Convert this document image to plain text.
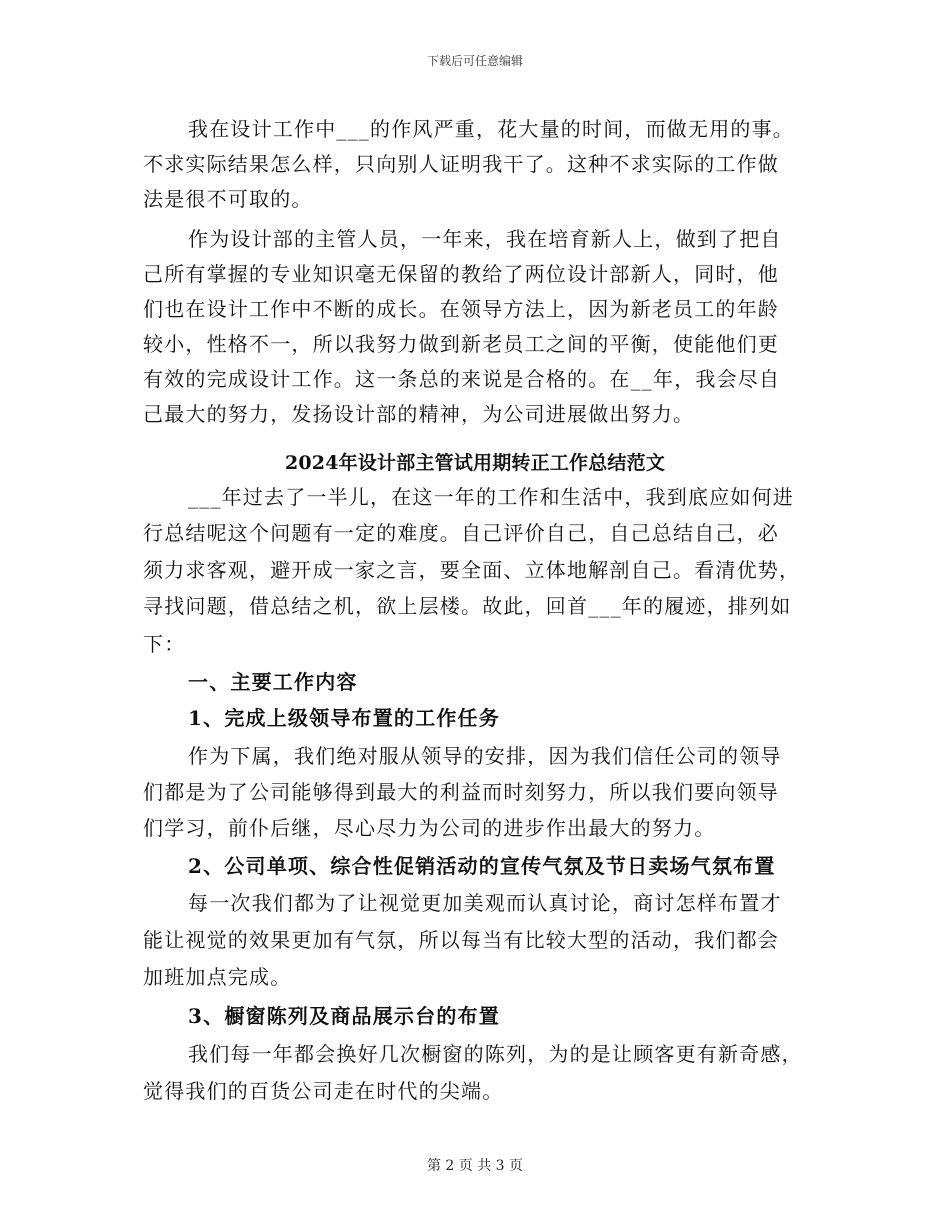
下载后可任意编辑
我在设计工作中___的作风严重，花大量的时间，而做无用的事。
不求实际结果怎么样，只向别人证明我干了。这种不求实际的工作做
法是很不可取的。
作为设计部的主管人员，一年来，我在培育新人上，做到了把自
己所有掌握的专业知识毫无保留的教给了两位设计部新人，同时，他
们也在设计工作中不断的成长。在领导方法上，因为新老员工的年龄
较小，性格不一，所以我努力做到新老员工之间的平衡，使能他们更
有效的完成设计工作。这一条总的来说是合格的。在__年，我会尽自
己最大的努力，发扬设计部的精神，为公司进展做出努力。
2024年设计部主管试用期转正工作总结范文
___年过去了一半儿，在这一年的工作和生活中，我到底应如何进
行总结呢这个问题有一定的难度。自己评价自己，自己总结自己，必
须力求客观，避开成一家之言，要全面、立体地解剖自己。看清优势，
寻找问题，借总结之机，欲上层楼。故此，回首___年的履迹，排列如
下：
一、主要工作内容
1、完成上级领导布置的工作任务
作为下属，我们绝对服从领导的安排，因为我们信任公司的领导
们都是为了公司能够得到最大的利益而时刻努力，所以我们要向领导
们学习，前仆后继，尽心尽力为公司的进步作出最大的努力。
2、公司单项、综合性促销活动的宣传气氛及节日卖场气氛布置
每一次我们都为了让视觉更加美观而认真讨论，商讨怎样布置才
能让视觉的效果更加有气氛，所以每当有比较大型的活动，我们都会
加班加点完成。
3、橱窗陈列及商品展示台的布置
我们每一年都会换好几次橱窗的陈列，为的是让顾客更有新奇感，
觉得我们的百货公司走在时代的尖端。
第 2 页 共 3 页
